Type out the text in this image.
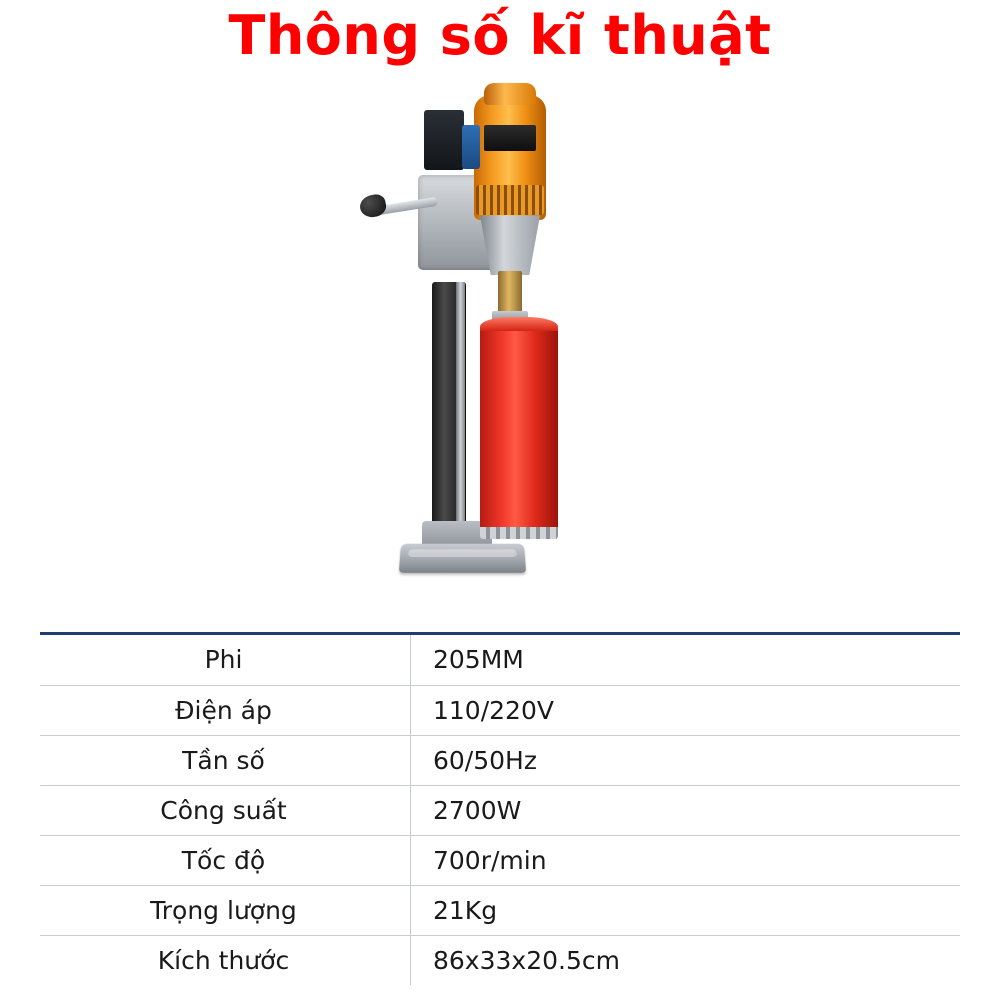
Thông số kĩ thuật
Phi	205MM
Điện áp	110/220V
Tần số	60/50Hz
Công suất	2700W
Tốc độ	700r/min
Trọng lượng	21Kg
Kích thước	86x33x20.5cm
